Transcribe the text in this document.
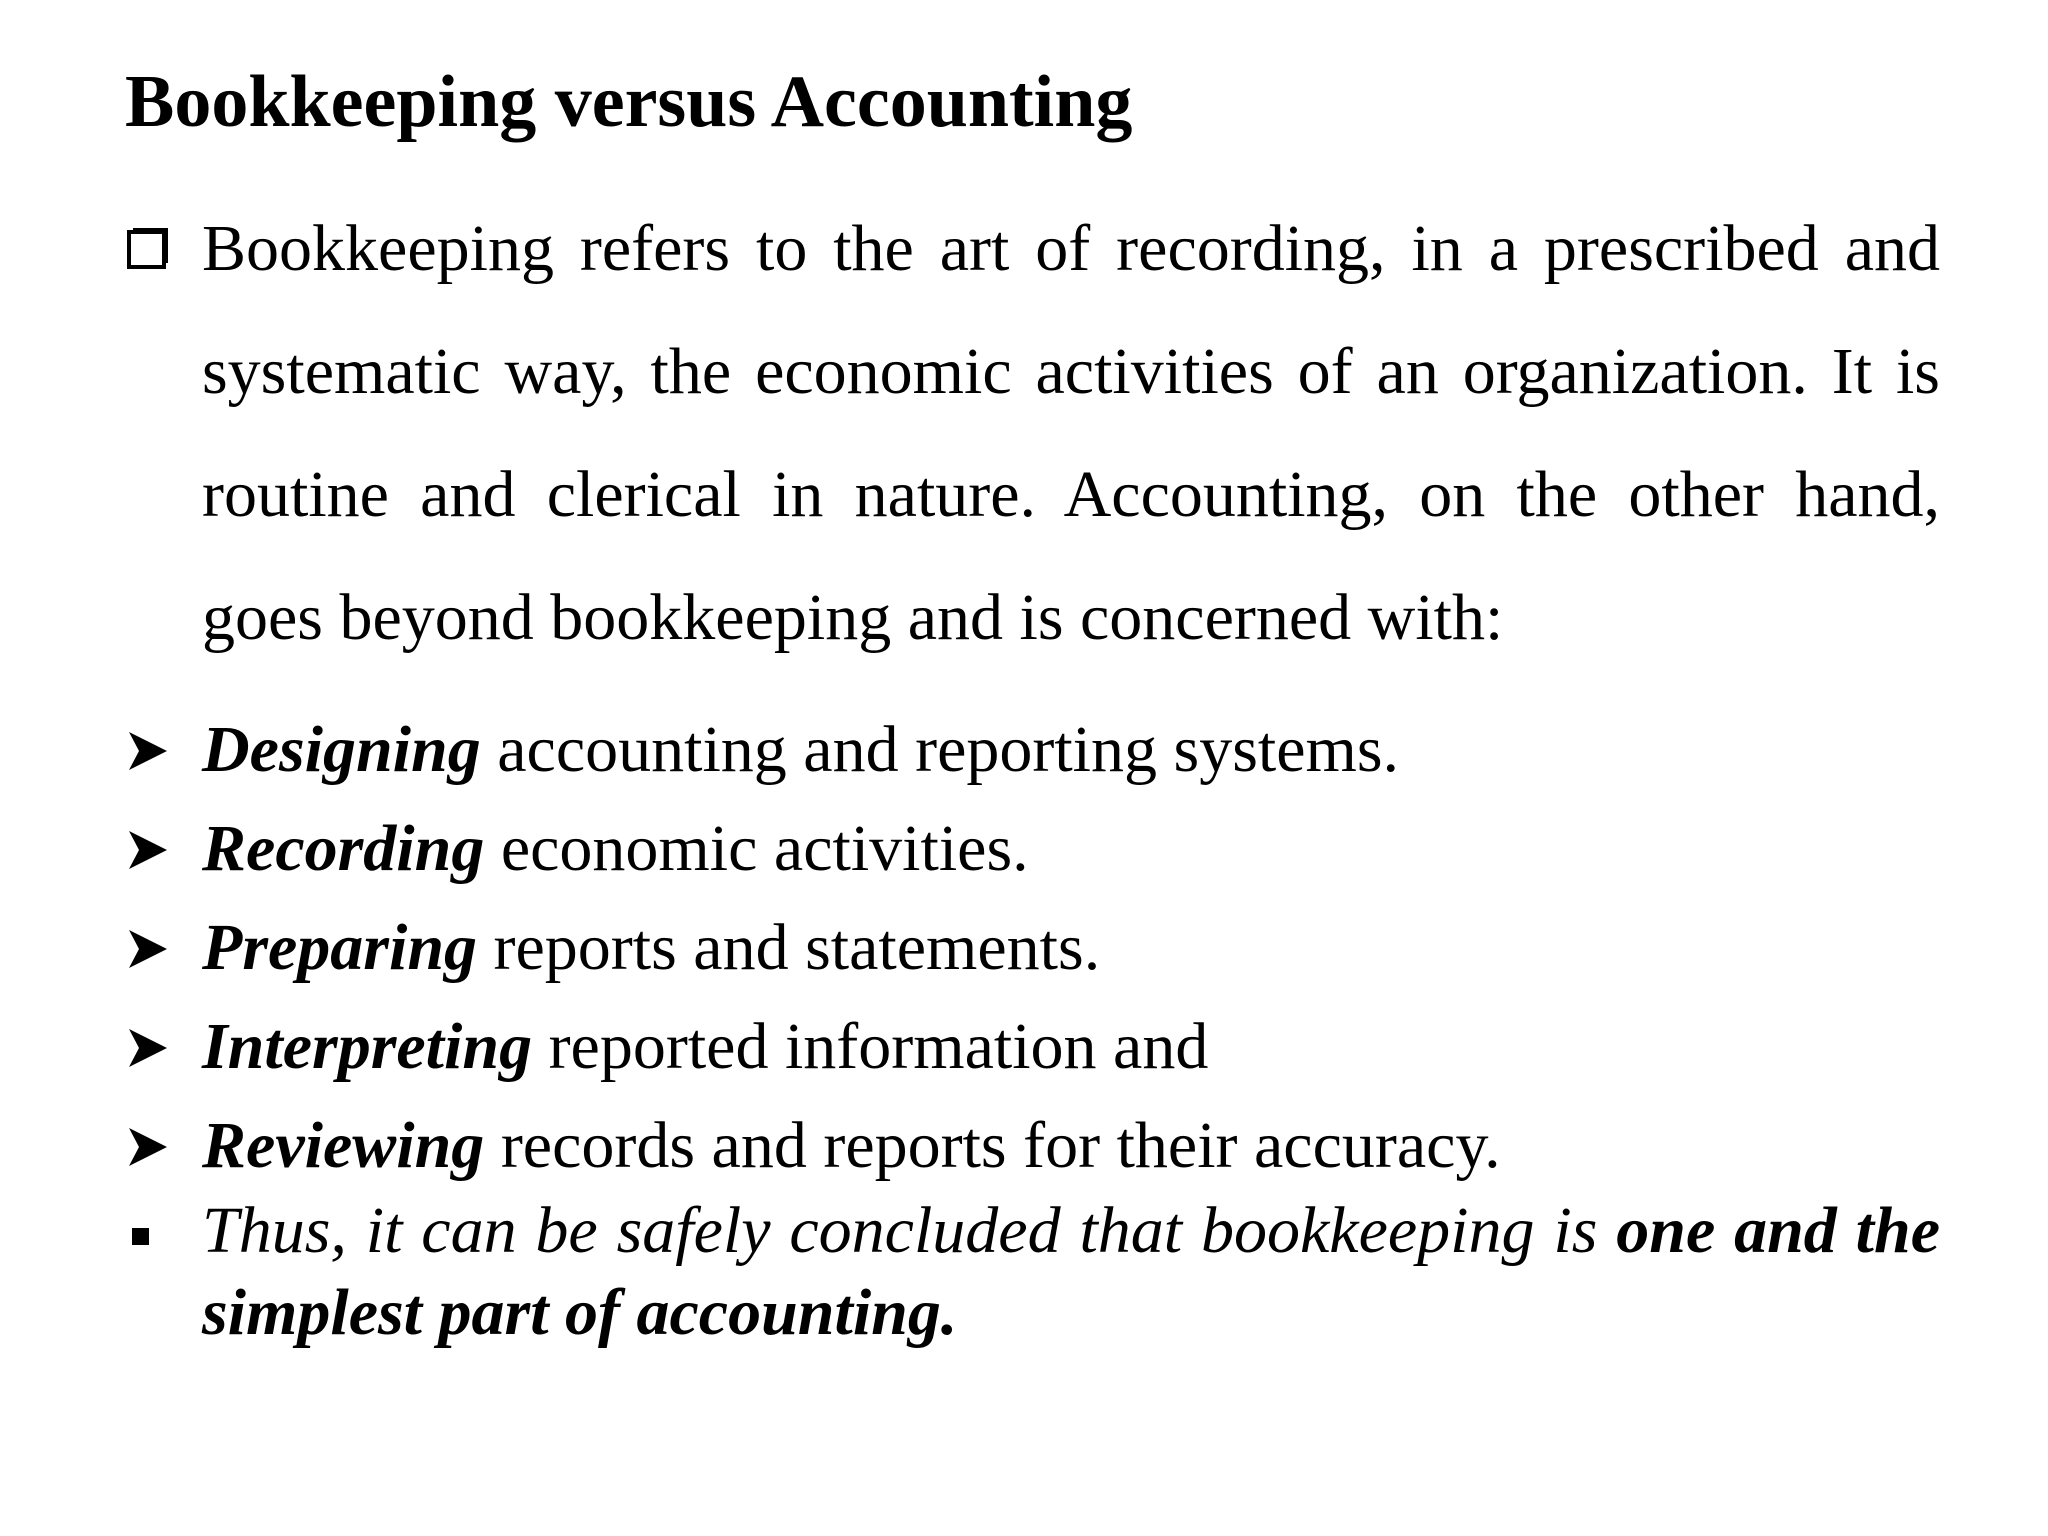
Bookkeeping versus Accounting
Bookkeeping refers to the art of recording, in a prescribed and systematic way, the economic activities of an organization. It is routine and clerical in nature. Accounting, on the other hand, goes beyond bookkeeping and is concerned with:
Designing accounting and reporting systems.
Recording economic activities.
Preparing reports and statements.
Interpreting reported information and
Reviewing records and reports for their accuracy.
Thus, it can be safely concluded that bookkeeping is one and the simplest part of accounting.
